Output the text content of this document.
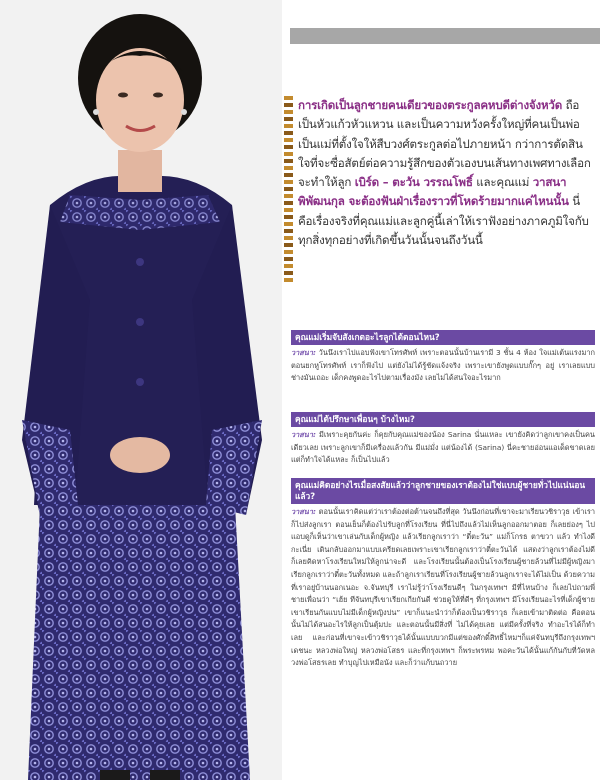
การเกิดเป็นลูกชายคนเดียวของตระกูลคหบดีต่างจังหวัด ถือเป็นหัวแก้วหัวแหวน และเป็นความหวังครั้งใหญ่ที่คนเป็นพ่อเป็นแม่ที่ตั้งใจให้สืบวงศ์ตระกูลต่อไปภายหน้า กว่าการตัดสินใจที่จะซื่อสัตย์ต่อความรู้สึกของตัวเองบนเส้นทางเพศทางเลือก จะทำให้ลูก เบิร์ด – ตะวัน วรรณโพธิ์ และคุณแม่ วาสนา พิพัฒนกุล จะต้องฟันฝ่าเรื่องราวที่โหดร้ายมากแค่ไหนนั้น นี่คือเรื่องจริงที่คุณแม่และลูกคู่นี้เล่าให้เราฟังอย่างภาคภูมิใจกับทุกสิ่งทุกอย่างที่เกิดขึ้นวันนั้นจนถึงวันนี้

คุณแม่เริ่มจับสังเกตอะไรลูกได้ตอนไหน?

วาสนา: วันนึงเราไปแอบฟังเขาโทรศัพท์ เพราะตอนนั้นบ้านเรามี 3 ชั้น 4 ห้อง ใจแม่เต้นแรงมากตอนยกหูโทรศัพท์ เราก็ฟังไป แต่ยังไม่ได้รู้ชัดแจ้งจริง เพราะเขายังพูดแบบกั๊กๆ อยู่ เราเลยแบบช่างมันเถอะ เด็กคงพูดอะไรไปตามเรื่องมัง เลยไม่ได้สนใจอะไรมาก

คุณแม่ได้ปรึกษาเพื่อนๆ บ้างไหม?

วาสนา: มีเพราะคุยกันค่ะ ก็คุยกับคุณแม่ของน้อง Sarina นั่นแหละ เขายังคิดว่าลูกเขาคงเป็นคนเดียวเลย เพราะลูกเขาก็มีเครื่องแล้วกัน มีแม่มั่ง แต่น้องได้ (Sarina) นี่คะชายอ่อนแอเด็ดขาดเลย แต่ก็ทำใจได้แหละ ก็เป็นไปแล้ว

คุณแม่คิดอย่างไรเมื่อสงสัยแล้วว่าลูกชายของเราต้องไม่ใช่แบบผู้ชายทั่วไปแน่นอนแล้ว?

วาสนา: ตอนนั้นเราคิดแต่ว่าเราต้องต่อต้านจนถึงที่สุด วันนึงก่อนที่เขาจะมาเรียนวชิราวุธ เข้าเราก็ไปส่งลูกเรา ตอนเย็นก็ต้องไปรับลูกที่โรงเรียน ที่นี่ไปถึงแล้วไม่เห็นลูกออกมาตอย ก็เลยย่องๆ ไปแอบดูก็เห็นว่าเขาเล่นกับเด็กผู้หญิง แล้วเรียกลูกเราว่า “ตี๋ตะวัน” แม่ก็โกรธ ตาขวา แล้ว ทำไงดีกะเนี่ย เดินกลับออกมาแบบเครียดเลยเพราะเขาเรียกลูกเราว่าตี๋ตะวันได้ แสดงว่าลูกเราต้องไม่ดี ก็เลยคิดหาโรงเรียนใหม่ให้ลูกน่าจะดี และโรงเรียนนั้นต้องเป็นโรงเรียนผู้ชายล้วนที่ไม่มีผู้หญิงมาเรียกลูกเราว่าตี๋ตะวันทั้งหมด และถ้าลูกเราเรียนที่โรงเรียนผู้ชายล้วนลูกเราจะได้ไม่เป็น ด้วยความที่เราอยู่บ้านนอกเนอะ จ.จันทบุรี เราไม่รู้ว่าโรงเรียนดีๆ ในกรุงเทพฯ มีที่ไหนบ้าง ก็เลยไปถามพี่ชายเพื่อนว่า “เฮ้ย ทีจันทบุรีเขาเรียกเกียกันดี ช่วยดูให้ที่ดีๆ ที่กรุงเทพฯ มีโรงเรียนอะไรที่เด็กผู้ชายเขาเรียนกันแบบไม่มีเด็กผู้หญิงปน” เขาก็แนะนำว่าก็ต้องเป็นวชิราวุธ ก็เลยเข้ามาติดต่อ คือตอนนั้นไม่ได้สนอะไรให้ลูกเป็นตุ้มปะ และตอนนั้นมีสิ่งที่ ไม่ได้คุยเลย แต่มีครั้งที่จริง ทำอะไรได้ก็ทำเลย และก่อนที่เขาจะเข้าวชิราวุธได้นั้นแบบบวกมีแต่ของศักดิ์สิทธิ์ไหมฯก็แค่จันทบุรีถึงกรุงเทพฯ เดชนะ หลวงพ่อใหญ่ หลวงพ่อโสธร และที่กรุงเทพฯ ก็พระพรหม พอคะวันได้นั้นแก้กันกับที่วัดหลวงพ่อโสธรเลย ทำบุญไปเหมือนัง และก็ว่าแก้บนถวาย
